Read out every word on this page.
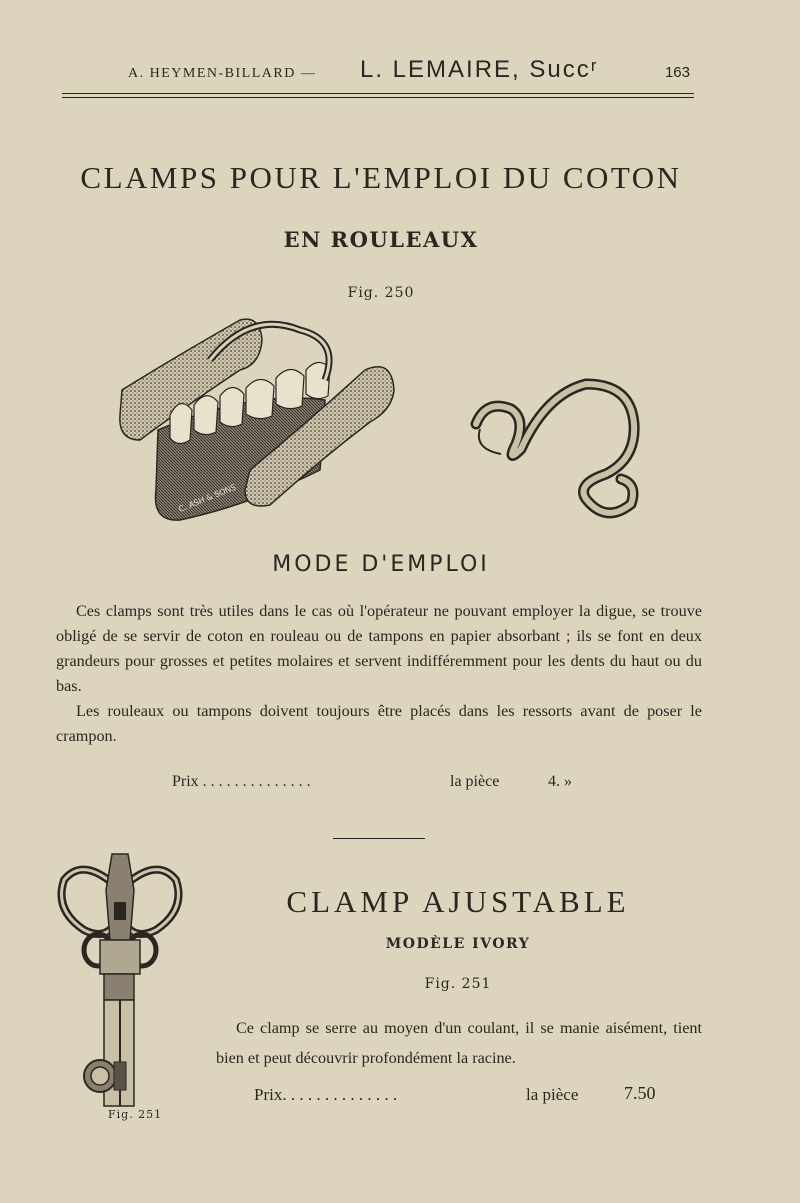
A. HEYMEN-BILLARD — L. LEMAIRE, Succʳ	163
CLAMPS POUR L'EMPLOI DU COTON
EN ROULEAUX
Fig. 250
C. ASH & SONS
MODE D'EMPLOI
Ces clamps sont très utiles dans le cas où l'opérateur ne pouvant employer la digue, se trouve obligé de se servir de coton en rouleau ou de tampons en papier absorbant ; ils se font en deux grandeurs pour grosses et petites molaires et servent indifféremment pour les dents du haut ou du bas.
Les rouleaux ou tampons doivent toujours être placés dans les ressorts avant de poser le crampon.
Prix . . . . . . . . . . . . . .	la pièce	4. »
Fig. 251
CLAMP AJUSTABLE
MODÈLE IVORY
Fig. 251
Ce clamp se serre au moyen d'un coulant, il se manie aisément, tient bien et peut découvrir profondément la racine.
Prix. . . . . . . . . . . . . .	la pièce	7.50
